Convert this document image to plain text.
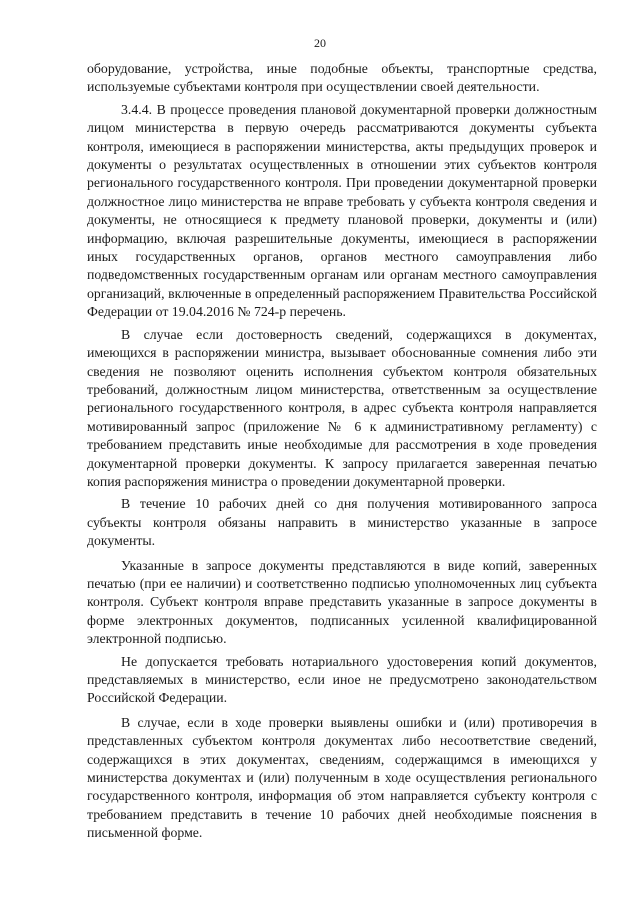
20

оборудование, устройства, иные подобные объекты, транспортные средства, используемые субъектами контроля при осуществлении своей деятельности.

3.4.4. В процессе проведения плановой документарной проверки должностным лицом министерства в первую очередь рассматриваются документы субъекта контроля, имеющиеся в распоряжении министерства, акты предыдущих проверок и документы о результатах осуществленных в отношении этих субъектов контроля регионального государственного контроля. При проведении документарной проверки должностное лицо министерства не вправе требовать у субъекта контроля сведения и документы, не относящиеся к предмету плановой проверки, документы и (или) информацию, включая разрешительные документы, имеющиеся в распоряжении иных государственных органов, органов местного самоуправления либо подведомственных государственным органам или органам местного самоуправления организаций, включенные в определенный распоряжением Правительства Российской Федерации от 19.04.2016 № 724-р перечень.

В случае если достоверность сведений, содержащихся в документах, имеющихся в распоряжении министра, вызывает обоснованные сомнения либо эти сведения не позволяют оценить исполнения субъектом контроля обязательных требований, должностным лицом министерства, ответственным за осуществление регионального государственного контроля, в адрес субъекта контроля направляется мотивированный запрос (приложение № 6 к административному регламенту) с требованием представить иные необходимые для рассмотрения в ходе проведения документарной проверки документы. К запросу прилагается заверенная печатью копия распоряжения министра о проведении документарной проверки.

В течение 10 рабочих дней со дня получения мотивированного запроса субъекты контроля обязаны направить в министерство указанные в запросе документы.

Указанные в запросе документы представляются в виде копий, заверенных печатью (при ее наличии) и соответственно подписью уполномоченных лиц субъекта контроля. Субъект контроля вправе представить указанные в запросе документы в форме электронных документов, подписанных усиленной квалифицированной электронной подписью.

Не допускается требовать нотариального удостоверения копий документов, представляемых в министерство, если иное не предусмотрено законодательством Российской Федерации.

В случае, если в ходе проверки выявлены ошибки и (или) противоречия в представленных субъектом контроля документах либо несоответствие сведений, содержащихся в этих документах, сведениям, содержащимся в имеющихся у министерства документах и (или) полученным в ходе осуществления регионального государственного контроля, информация об этом направляется субъекту контроля с требованием представить в течение 10 рабочих дней необходимые пояснения в письменной форме.
